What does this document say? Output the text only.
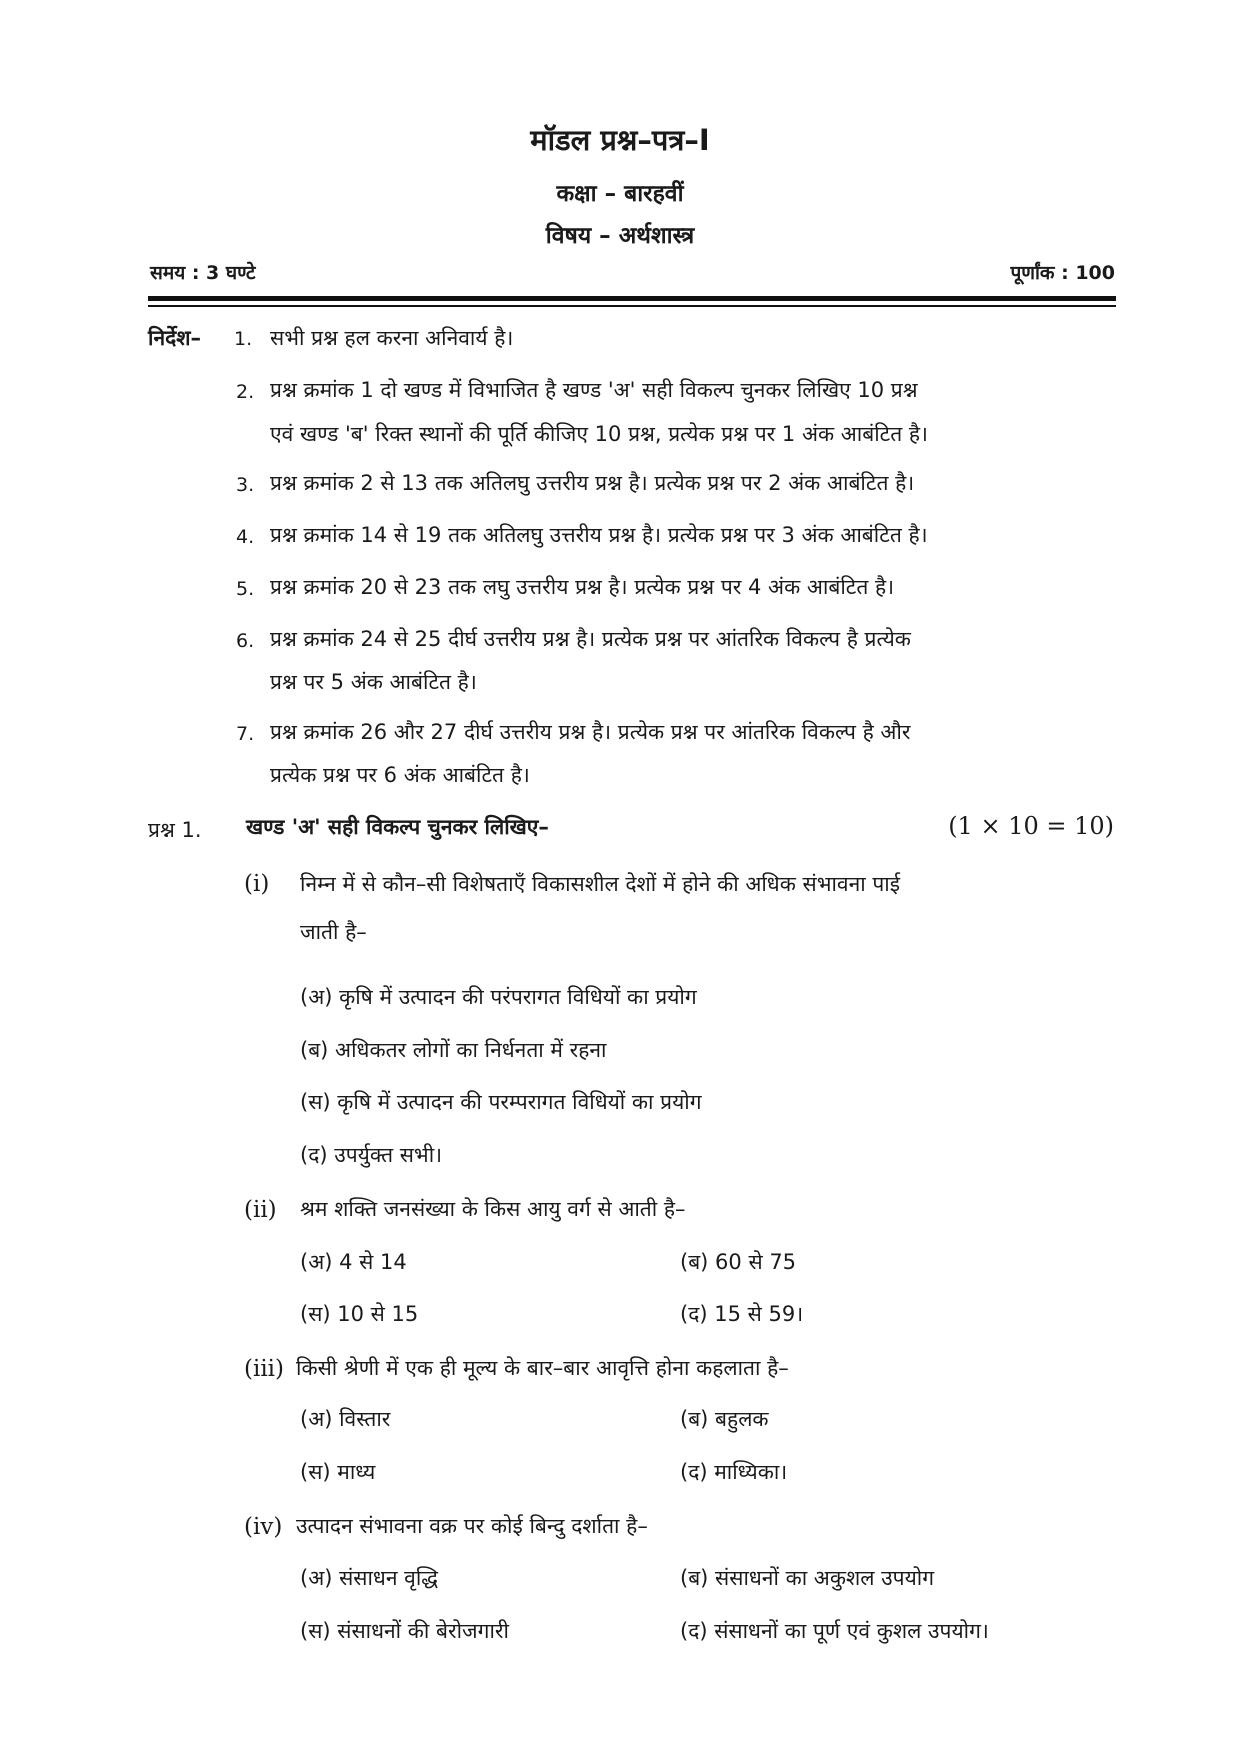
मॉडल प्रश्न–पत्र–I
कक्षा – बारहवीं
विषय – अर्थशास्त्र
समय : 3 घण्टे	पूर्णांक : 100
निर्देश– 1. सभी प्रश्न हल करना अनिवार्य है।
2. प्रश्न क्रमांक 1 दो खण्ड में विभाजित है खण्ड 'अ' सही विकल्प चुनकर लिखिए 10 प्रश्न
एवं खण्ड 'ब' रिक्त स्थानों की पूर्ति कीजिए 10 प्रश्न, प्रत्येक प्रश्न पर 1 अंक आबंटित है।
3. प्रश्न क्रमांक 2 से 13 तक अतिलघु उत्तरीय प्रश्न है। प्रत्येक प्रश्न पर 2 अंक आबंटित है।
4. प्रश्न क्रमांक 14 से 19 तक अतिलघु उत्तरीय प्रश्न है। प्रत्येक प्रश्न पर 3 अंक आबंटित है।
5. प्रश्न क्रमांक 20 से 23 तक लघु उत्तरीय प्रश्न है। प्रत्येक प्रश्न पर 4 अंक आबंटित है।
6. प्रश्न क्रमांक 24 से 25 दीर्घ उत्तरीय प्रश्न है। प्रत्येक प्रश्न पर आंतरिक विकल्प है प्रत्येक
प्रश्न पर 5 अंक आबंटित है।
7. प्रश्न क्रमांक 26 और 27 दीर्घ उत्तरीय प्रश्न है। प्रत्येक प्रश्न पर आंतरिक विकल्प है और
प्रत्येक प्रश्न पर 6 अंक आबंटित है।
प्रश्न 1. खण्ड 'अ' सही विकल्प चुनकर लिखिए–	(1 × 10 = 10)
(i) निम्न में से कौन–सी विशेषताएँ विकासशील देशों में होने की अधिक संभावना पाई
जाती है–
(अ) कृषि में उत्पादन की परंपरागत विधियों का प्रयोग
(ब) अधिकतर लोगों का निर्धनता में रहना
(स) कृषि में उत्पादन की परम्परागत विधियों का प्रयोग
(द) उपर्युक्त सभी।
(ii) श्रम शक्ति जनसंख्या के किस आयु वर्ग से आती है–
(अ) 4 से 14	(ब) 60 से 75
(स) 10 से 15	(द) 15 से 59।
(iii) किसी श्रेणी में एक ही मूल्य के बार–बार आवृत्ति होना कहलाता है–
(अ) विस्तार	(ब) बहुलक
(स) माध्य	(द) माध्यिका।
(iv) उत्पादन संभावना वक्र पर कोई बिन्दु दर्शाता है–
(अ) संसाधन वृद्धि	(ब) संसाधनों का अकुशल उपयोग
(स) संसाधनों की बेरोजगारी	(द) संसाधनों का पूर्ण एवं कुशल उपयोग।
